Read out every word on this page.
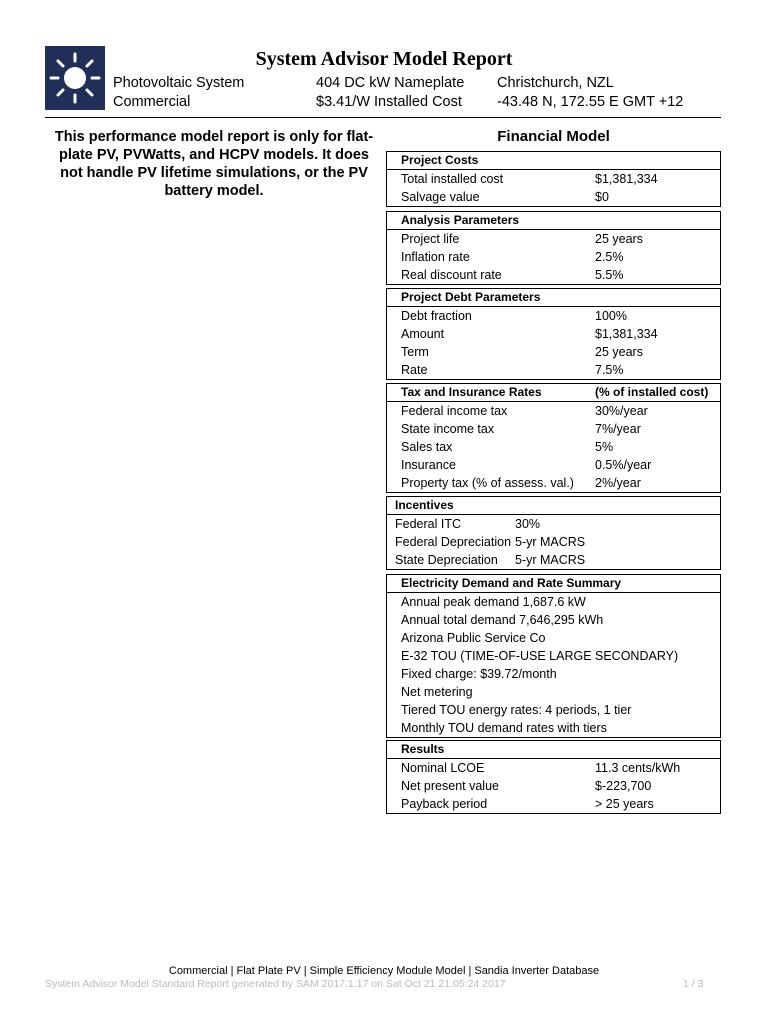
System Advisor Model Report
Photovoltaic System	404 DC kW Nameplate Christchurch, NZL
Commercial	$3.41/W Installed Cost -43.48 N, 172.55 E GMT +12
This performance model report is only for flat-plate PV, PVWatts, and HCPV models. It does not handle PV lifetime simulations, or the PV battery model.
Financial Model
Project Costs
Total installed cost	$1,381,334
Salvage value	$0
Analysis Parameters
Project life	25 years
Inflation rate	2.5%
Real discount rate	5.5%
Project Debt Parameters
Debt fraction	100%
Amount	$1,381,334
Term	25 years
Rate	7.5%
Tax and Insurance Rates	(% of installed cost)
Federal income tax	30%/year
State income tax	7%/year
Sales tax	5%
Insurance	0.5%/year
Property tax (% of assess. val.) 2%/year
Incentives
Federal ITC	30%
Federal Depreciation 5-yr MACRS
State Depreciation 5-yr MACRS
Electricity Demand and Rate Summary
Annual peak demand 1,687.6 kW
Annual total demand 7,646,295 kWh
Arizona Public Service Co
E-32 TOU (TIME-OF-USE LARGE SECONDARY)
Fixed charge: $39.72/month
Net metering
Tiered TOU energy rates: 4 periods, 1 tier
Monthly TOU demand rates with tiers
Results
Nominal LCOE	11.3 cents/kWh
Net present value	$-223,700
Payback period	> 25 years
Commercial | Flat Plate PV | Simple Efficiency Module Model | Sandia Inverter Database
System Advisor Model Standard Report generated by SAM 2017.1.17 on Sat Oct 21 21:05:24 2017	1 / 3
